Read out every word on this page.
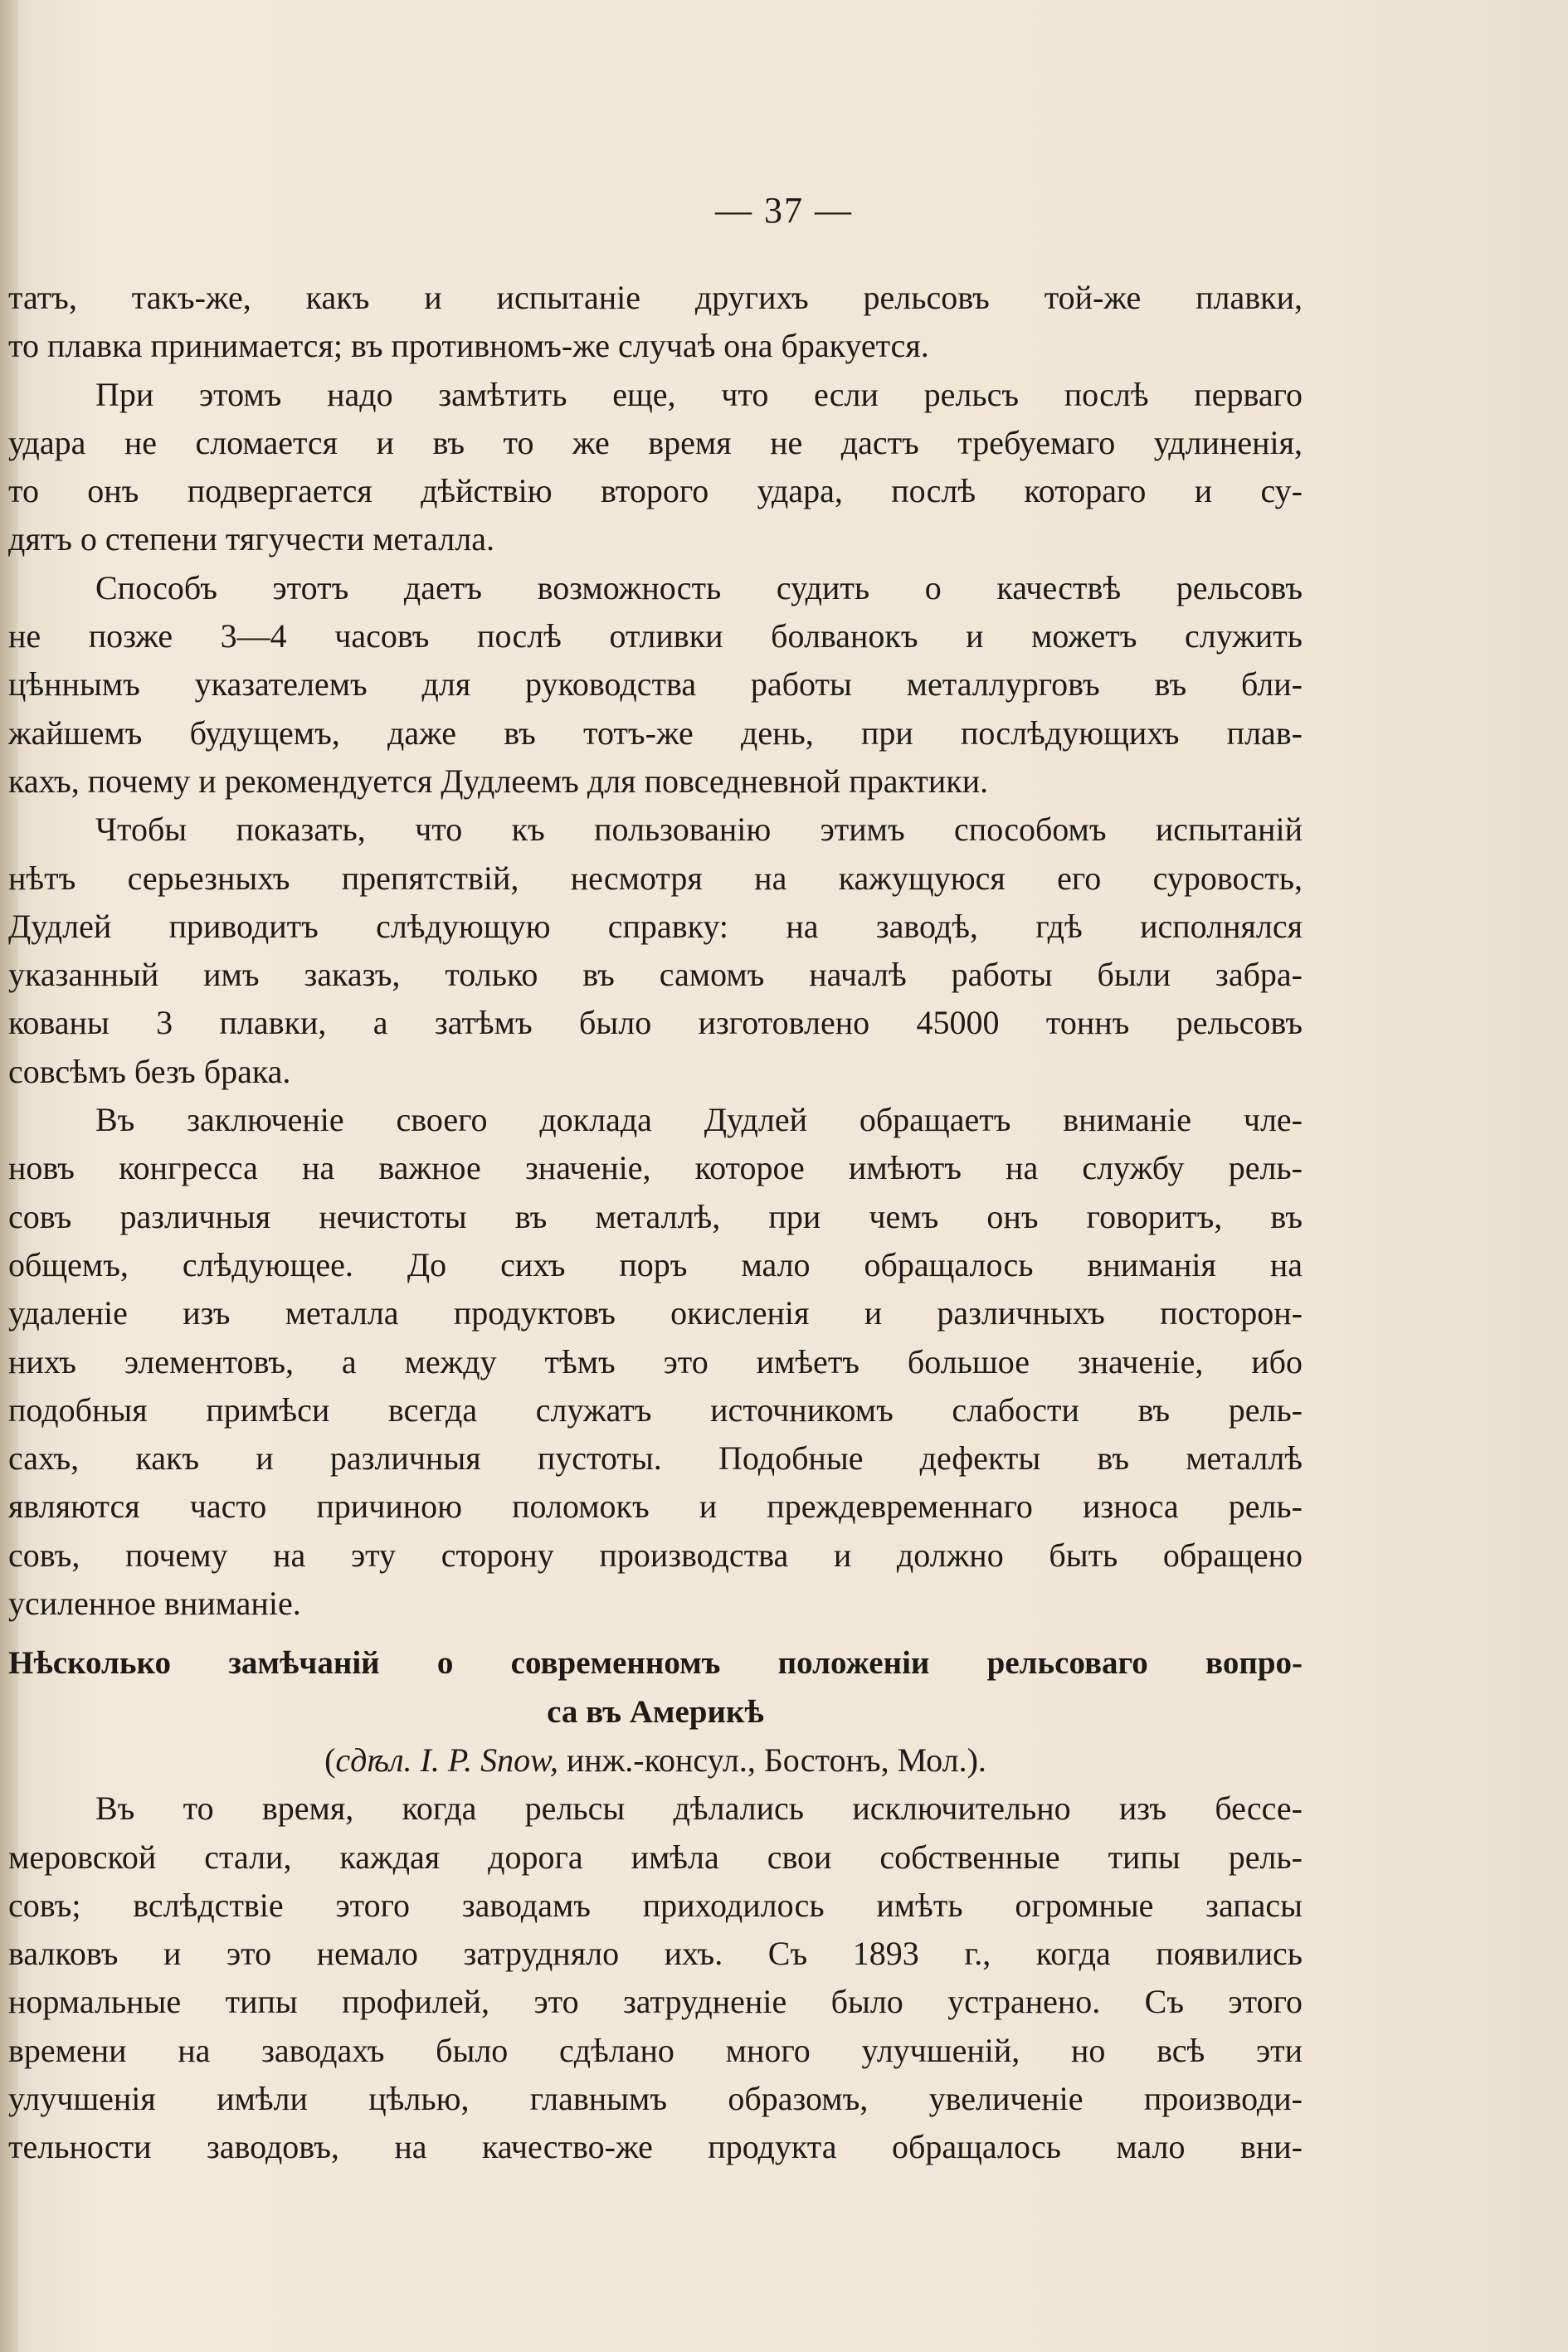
— 37 —
татъ, такъ-же, какъ и испытаніе другихъ рельсовъ той-же плавки,
то плавка принимается; въ противномъ-же случаѣ она бракуется.
При этомъ надо замѣтить еще, что если рельсъ послѣ перваго
удара не сломается и въ то же время не дастъ требуемаго удлиненія,
то онъ подвергается дѣйствію второго удара, послѣ котораго и су-
дятъ о степени тягучести металла.
Способъ этотъ даетъ возможность судить о качествѣ рельсовъ
не позже 3—4 часовъ послѣ отливки болванокъ и можетъ служить
цѣннымъ указателемъ для руководства работы металлурговъ въ бли-
жайшемъ будущемъ, даже въ тотъ-же день, при послѣдующихъ плав-
кахъ, почему и рекомендуется Дудлеемъ для повседневной практики.
Чтобы показать, что къ пользованію этимъ способомъ испытаній
нѣтъ серьезныхъ препятствій, несмотря на кажущуюся его суровость,
Дудлей приводитъ слѣдующую справку: на заводѣ, гдѣ исполнялся
указанный имъ заказъ, только въ самомъ началѣ работы были забра-
кованы 3 плавки, а затѣмъ было изготовлено 45000 тоннъ рельсовъ
совсѣмъ безъ брака.
Въ заключеніе своего доклада Дудлей обращаетъ вниманіе чле-
новъ конгресса на важное значеніе, которое имѣютъ на службу рель-
совъ различныя нечистоты въ металлѣ, при чемъ онъ говоритъ, въ
общемъ, слѣдующее. До сихъ поръ мало обращалось вниманія на
удаленіе изъ металла продуктовъ окисленія и различныхъ посторон-
нихъ элементовъ, а между тѣмъ это имѣетъ большое значеніе, ибо
подобныя примѣси всегда служатъ источникомъ слабости въ рель-
сахъ, какъ и различныя пустоты. Подобные дефекты въ металлѣ
являются часто причиною поломокъ и преждевременнаго износа рель-
совъ, почему на эту сторону производства и должно быть обращено
усиленное вниманіе.
Нѣсколько замѣчаній о современномъ положеніи рельсоваго вопро-
са въ Америкѣ
(сдѣл. I. P. Snow, инж.-консул., Бостонъ, Мол.).
Въ то время, когда рельсы дѣлались исключительно изъ бессе-
меровской стали, каждая дорога имѣла свои собственные типы рель-
совъ; вслѣдствіе этого заводамъ приходилось имѣть огромные запасы
валковъ и это немало затрудняло ихъ. Съ 1893 г., когда появились
нормальные типы профилей, это затрудненіе было устранено. Съ этого
времени на заводахъ было сдѣлано много улучшеній, но всѣ эти
улучшенія имѣли цѣлью, главнымъ образомъ, увеличеніе производи-
тельности заводовъ, на качество-же продукта обращалось мало вни-
